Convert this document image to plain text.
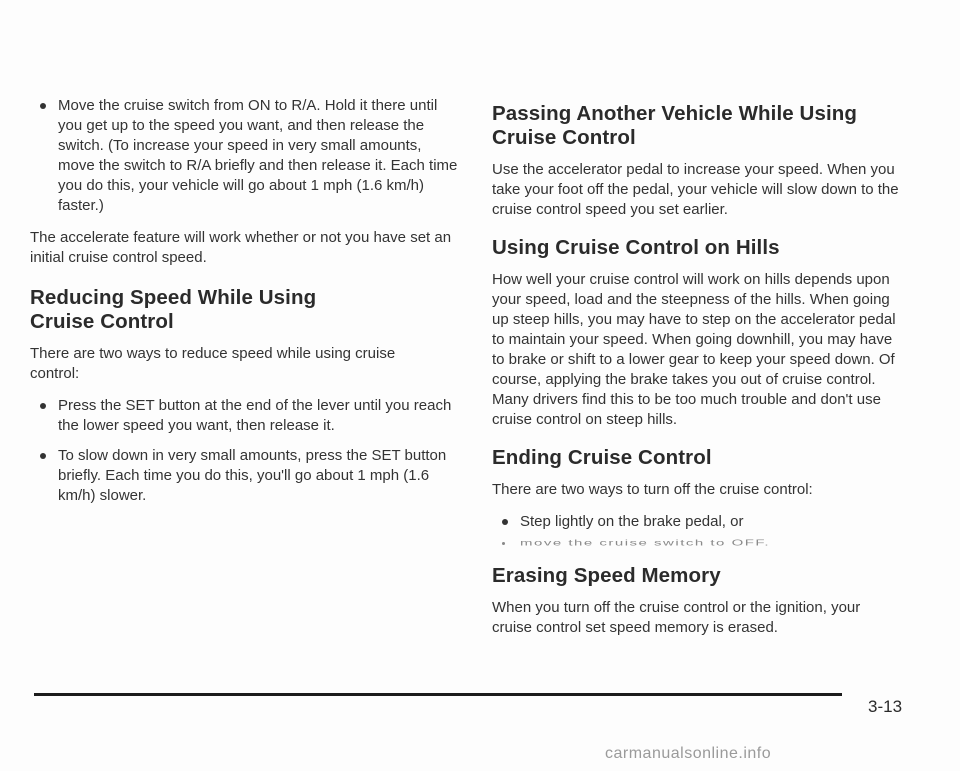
Move the cruise switch from ON to R/A. Hold it there until you get up to the speed you want, and then release the switch. (To increase your speed in very small amounts, move the switch to R/A briefly and then release it. Each time you do this, your vehicle will go about 1 mph (1.6 km/h) faster.)

The accelerate feature will work whether or not you have set an initial cruise control speed.

Reducing Speed While Using Cruise Control

There are two ways to reduce speed while using cruise control:

Press the SET button at the end of the lever until you reach the lower speed you want, then release it.
To slow down in very small amounts, press the SET button briefly. Each time you do this, you'll go about 1 mph (1.6 km/h) slower.
Passing Another Vehicle While Using Cruise Control

Use the accelerator pedal to increase your speed. When you take your foot off the pedal, your vehicle will slow down to the cruise control speed you set earlier.

Using Cruise Control on Hills

How well your cruise control will work on hills depends upon your speed, load and the steepness of the hills. When going up steep hills, you may have to step on the accelerator pedal to maintain your speed. When going downhill, you may have to brake or shift to a lower gear to keep your speed down. Of course, applying the brake takes you out of cruise control. Many drivers find this to be too much trouble and don't use cruise control on steep hills.

Ending Cruise Control

There are two ways to turn off the cruise control:

Step lightly on the brake pedal, or
move the cruise switch to OFF.
Erasing Speed Memory

When you turn off the cruise control or the ignition, your cruise control set speed memory is erased.

3-13
carmanualsonline.info
